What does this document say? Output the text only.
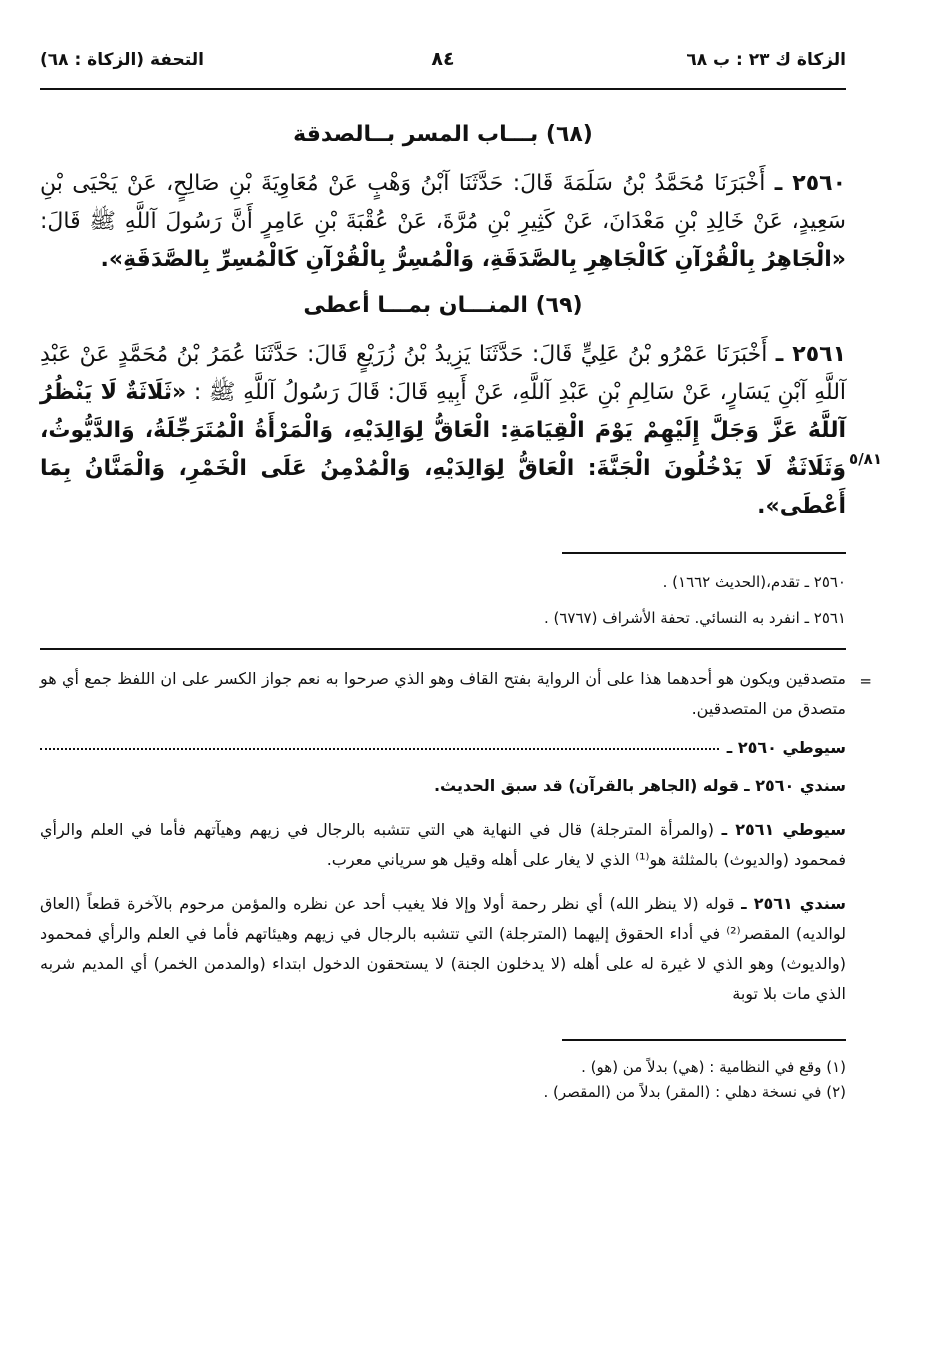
الزكاة ك ٢٣ : ب ٦٨
٨٤
التحفة (الزكاة : ٦٨)
(٦٨) بـــاب المسر بــالصدقة
٢٥٦٠ ـ أَخْبَرَنَا مُحَمَّدُ بْنُ سَلَمَةَ قَالَ: حَدَّثَنَا آبْنُ وَهْبٍ عَنْ مُعَاوِيَةَ بْنِ صَالِحٍ، عَنْ يَحْيَى بْنِ سَعِيدٍ، عَنْ خَالِدِ بْنِ مَعْدَانَ، عَنْ كَثِيرِ بْنِ مُرَّةَ، عَنْ عُقْبَةَ بْنِ عَامِرٍ أَنَّ رَسُولَ آللَّهِ ﷺ قَالَ: «الْجَاهِرُ بِالْقُرْآنِ كَالْجَاهِرِ بِالصَّدَقَةِ، وَالْمُسِرُّ بِالْقُرْآنِ كَالْمُسِرِّ بِالصَّدَقَةِ».
(٦٩) المنـــان بمـــا أعطى
٥/٨١
٢٥٦١ ـ أَخْبَرَنَا عَمْرُو بْنُ عَلِيٍّ قَالَ: حَدَّثَنَا يَزِيدُ بْنُ زُرَيْعٍ قَالَ: حَدَّثَنَا عُمَرُ بْنُ مُحَمَّدٍ عَنْ عَبْدِ آللَّهِ آبْنِ يَسَارٍ، عَنْ سَالِمِ بْنِ عَبْدِ آللَّهِ، عَنْ أَبِيهِ قَالَ: قَالَ رَسُولُ آللَّهِ ﷺ : «ثَلَاثَةٌ لَا يَنْظُرُ آللَّهُ عَزَّ وَجَلَّ إِلَيْهِمْ يَوْمَ الْقِيَامَةِ: الْعَاقُّ لِوَالِدَيْهِ، وَالْمَرْأَةُ الْمُتَرَجِّلَةُ، وَالدَّيُّوثُ، وَثَلَاثَةٌ لَا يَدْخُلُونَ الْجَنَّةَ: الْعَاقُّ لِوَالِدَيْهِ، وَالْمُدْمِنُ عَلَى الْخَمْرِ، وَالْمَنَّانُ بِمَا أَعْطَى».
٢٥٦٠ ـ تقدم،(الحديث ١٦٦٢) .
٢٥٦١ ـ انفرد به النسائي. تحفة الأشراف (٦٧٦٧) .
=
متصدقين ويكون هو أحدهما هذا على أن الرواية بفتح القاف وهو الذي صرحوا به نعم جواز الكسر على ان اللفظ جمع أي هو متصدق من المتصدقين.
سيوطي ٢٥٦٠ ـ
سندي ٢٥٦٠ ـ قوله (الجاهر بالقرآن) قد سبق الحديث.
سيوطي ٢٥٦١ ـ (والمرأة المترجلة) قال في النهاية هي التي تتشبه بالرجال في زيهم وهيآتهم فأما في العلم والرأي فمحمود (والديوث) بالمثلثة هو⁽¹⁾ الذي لا يغار على أهله وقيل هو سرياني معرب.
سندي ٢٥٦١ ـ قوله (لا ينظر الله) أي نظر رحمة أولا وإلا فلا يغيب أحد عن نظره والمؤمن مرحوم بالآخرة قطعاً (العاق لوالديه) المقصر⁽²⁾ في أداء الحقوق إليهما (المترجلة) التي تتشبه بالرجال في زيهم وهيئاتهم فأما في العلم والرأي فمحمود (والديوث) وهو الذي لا غيرة له على أهله (لا يدخلون الجنة) لا يستحقون الدخول ابتداء (والمدمن الخمر) أي المديم شربه الذي مات بلا توبة
(١) وقع في النظامية : (هي) بدلاً من (هو) .
(٢) في نسخة دهلي : (المقر) بدلاً من (المقصر) .
